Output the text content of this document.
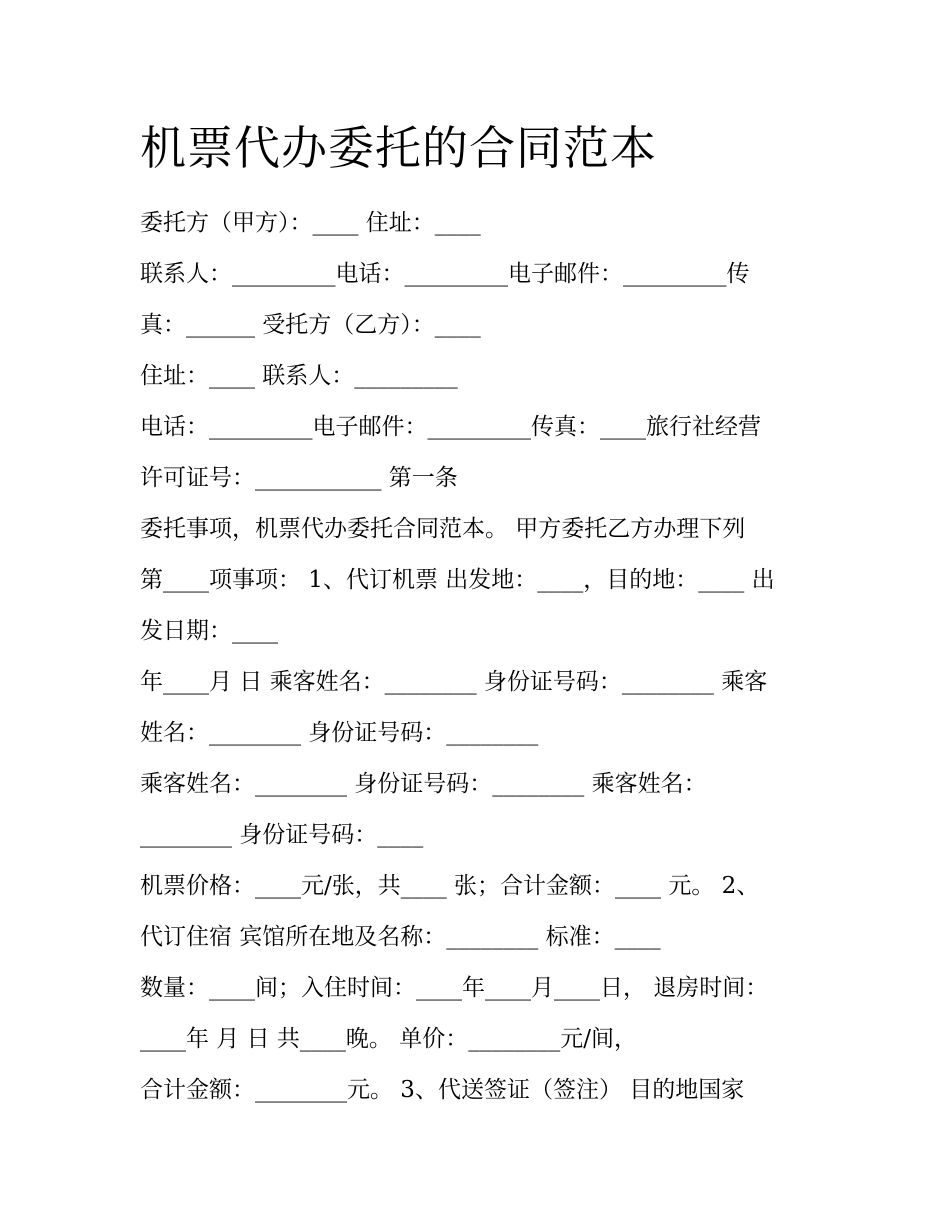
机票代办委托的合同范本
委托方（甲方）：____ 住址：____
联系人：_________电话：_________电子邮件：_________传
真：______ 受托方（乙方）：____
住址：____ 联系人：_________
电话：_________电子邮件：_________传真：____旅行社经营
许可证号：___________ 第一条
委托事项，机票代办委托合同范本。 甲方委托乙方办理下列
第____项事项： 1、代订机票 出发地：____，目的地：____ 出
发日期：____
年____月 日 乘客姓名：________ 身份证号码：________ 乘客
姓名：________ 身份证号码：________
乘客姓名：________ 身份证号码：________ 乘客姓名：
________ 身份证号码：____
机票价格：____元/张，共____ 张；合计金额：____ 元。 2、
代订住宿 宾馆所在地及名称：________ 标准：____
数量：____间；入住时间：____年____月____日， 退房时间：
____年 月 日 共____晚。 单价：________元/间，
合计金额：________元。 3、代送签证（签注） 目的地国家
